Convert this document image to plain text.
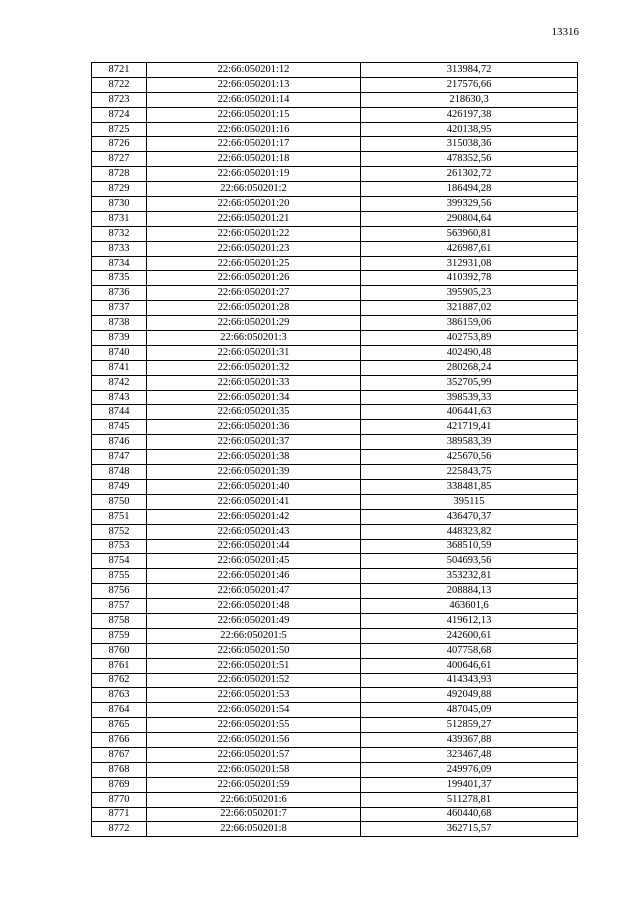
13316
8721	22:66:050201:12	313984,72
8722	22:66:050201:13	217576,66
8723	22:66:050201:14	218630,3
8724	22:66:050201:15	426197,38
8725	22:66:050201:16	420138,95
8726	22:66:050201:17	315038,36
8727	22:66:050201:18	478352,56
8728	22:66:050201:19	261302,72
8729	22:66:050201:2	186494,28
8730	22:66:050201:20	399329,56
8731	22:66:050201:21	290804,64
8732	22:66:050201:22	563960,81
8733	22:66:050201:23	426987,61
8734	22:66:050201:25	312931,08
8735	22:66:050201:26	410392,78
8736	22:66:050201:27	395905,23
8737	22:66:050201:28	321887,02
8738	22:66:050201:29	386159,06
8739	22:66:050201:3	402753,89
8740	22:66:050201:31	402490,48
8741	22:66:050201:32	280268,24
8742	22:66:050201:33	352705,99
8743	22:66:050201:34	398539,33
8744	22:66:050201:35	406441,63
8745	22:66:050201:36	421719,41
8746	22:66:050201:37	389583,39
8747	22:66:050201:38	425670,56
8748	22:66:050201:39	225843,75
8749	22:66:050201:40	338481,85
8750	22:66:050201:41	395115
8751	22:66:050201:42	436470,37
8752	22:66:050201:43	448323,82
8753	22:66:050201:44	368510,59
8754	22:66:050201:45	504693,56
8755	22:66:050201:46	353232,81
8756	22:66:050201:47	208884,13
8757	22:66:050201:48	463601,6
8758	22:66:050201:49	419612,13
8759	22:66:050201:5	242600,61
8760	22:66:050201:50	407758,68
8761	22:66:050201:51	400646,61
8762	22:66:050201:52	414343,93
8763	22:66:050201:53	492049,88
8764	22:66:050201:54	487045,09
8765	22:66:050201:55	512859,27
8766	22:66:050201:56	439367,88
8767	22:66:050201:57	323467,48
8768	22:66:050201:58	249976,09
8769	22:66:050201:59	199401,37
8770	22:66:050201:6	511278,81
8771	22:66:050201:7	460440,68
8772	22:66:050201:8	362715,57
